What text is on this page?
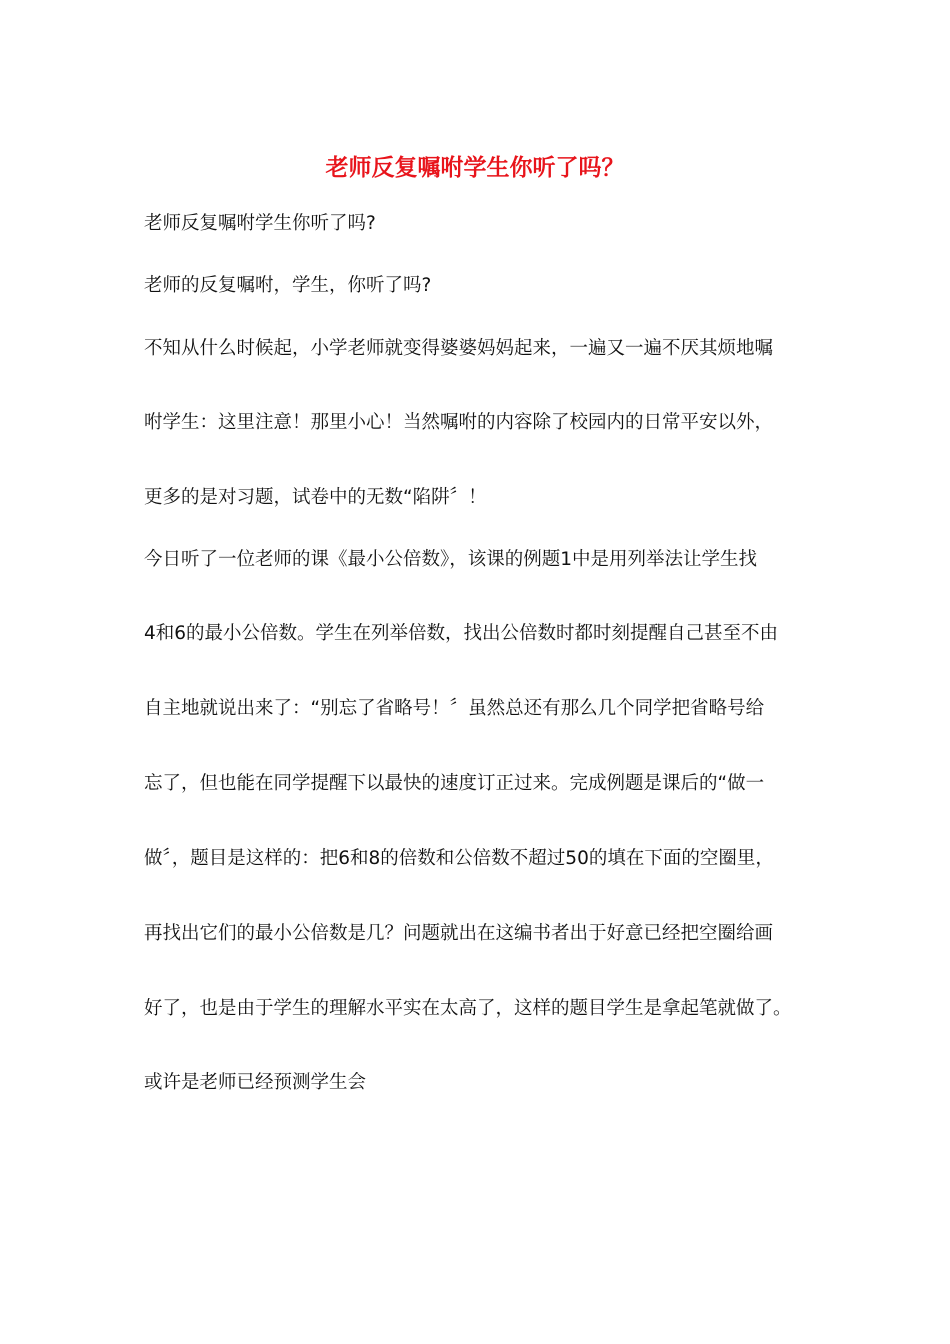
老师反复嘱咐学生你听了吗？
老师反复嘱咐学生你听了吗?
老师的反复嘱咐，学生，你听了吗?
不知从什么时候起，小学老师就变得婆婆妈妈起来，一遍又一遍不厌其烦地嘱
咐学生：这里注意！那里小心！当然嘱咐的内容除了校园内的日常平安以外，
更多的是对习题，试卷中的无数“陷阱〞！
今日听了一位老师的课《最小公倍数》，该课的例题1中是用列举法让学生找
4和6的最小公倍数。学生在列举倍数，找出公倍数时都时刻提醒自己甚至不由
自主地就说出来了：“别忘了省略号！〞虽然总还有那么几个同学把省略号给
忘了，但也能在同学提醒下以最快的速度订正过来。完成例题是课后的“做一
做〞，题目是这样的：把6和8的倍数和公倍数不超过50的填在下面的空圈里，
再找出它们的最小公倍数是几？问题就出在这编书者出于好意已经把空圈给画
好了，也是由于学生的理解水平实在太高了，这样的题目学生是拿起笔就做了。
或许是老师已经预测学生会
